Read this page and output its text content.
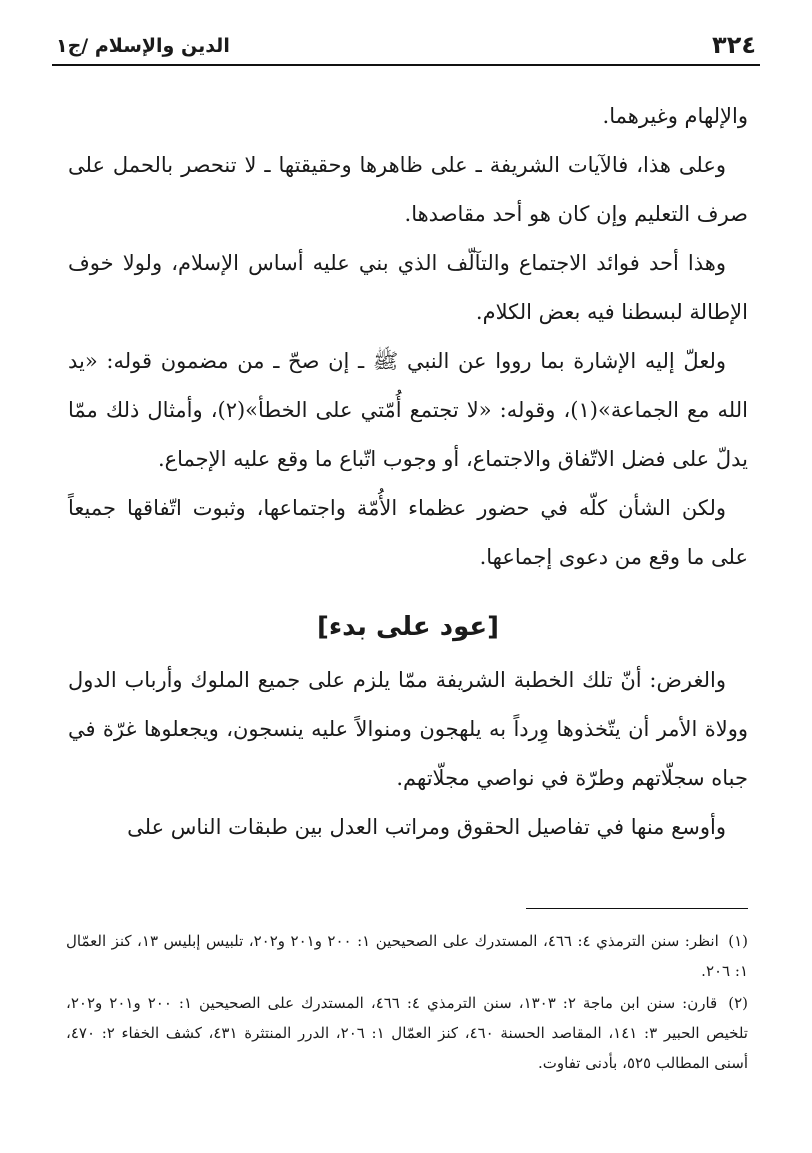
٣٢٤
الدين والإسلام /ج١

والإلهام وغيرهما.

وعلى هذا، فالآيات الشريفة ـ على ظاهرها وحقيقتها ـ لا تنحصر بالحمل على صرف التعليم وإن كان هو أحد مقاصدها.

وهذا أحد فوائد الاجتماع والتآلّف الذي بني عليه أساس الإسلام، ولولا خوف الإطالة لبسطنا فيه بعض الكلام.

ولعلّ إليه الإشارة بما رووا عن النبي ﷺ ـ إن صحّ ـ من مضمون قوله: «يد الله مع الجماعة»(١)، وقوله: «لا تجتمع أُمّتي على الخطأ»(٢)، وأمثال ذلك ممّا يدلّ على فضل الاتّفاق والاجتماع، أو وجوب اتّباع ما وقع عليه الإجماع.

ولكن الشأن كلّه في حضور عظماء الأُمّة واجتماعها، وثبوت اتّفاقها جميعاً على ما وقع من دعوى إجماعها.

[عود على بدء]

والغرض: أنّ تلك الخطبة الشريفة ممّا يلزم على جميع الملوك وأرباب الدول وولاة الأمر أن يتّخذوها وِرداً به يلهجون ومنوالاً عليه ينسجون، ويجعلوها غرّة في جباه سجلّاتهم وطرّة في نواصي مجلّاتهم.

وأوسع منها في تفاصيل الحقوق ومراتب العدل بين طبقات الناس على

(١) انظر: سنن الترمذي ٤: ٤٦٦، المستدرك على الصحيحين ١: ٢٠٠ و٢٠١ و٢٠٢، تلبيس إبليس ١٣، كنز العمّال ١: ٢٠٦.

(٢) قارن: سنن ابن ماجة ٢: ١٣٠٣، سنن الترمذي ٤: ٤٦٦، المستدرك على الصحيحين ١: ٢٠٠ و٢٠١ و٢٠٢، تلخيص الحبير ٣: ١٤١، المقاصد الحسنة ٤٦٠، كنز العمّال ١: ٢٠٦، الدرر المنتثرة ٤٣١، كشف الخفاء ٢: ٤٧٠، أسنى المطالب ٥٢٥، بأدنى تفاوت.
